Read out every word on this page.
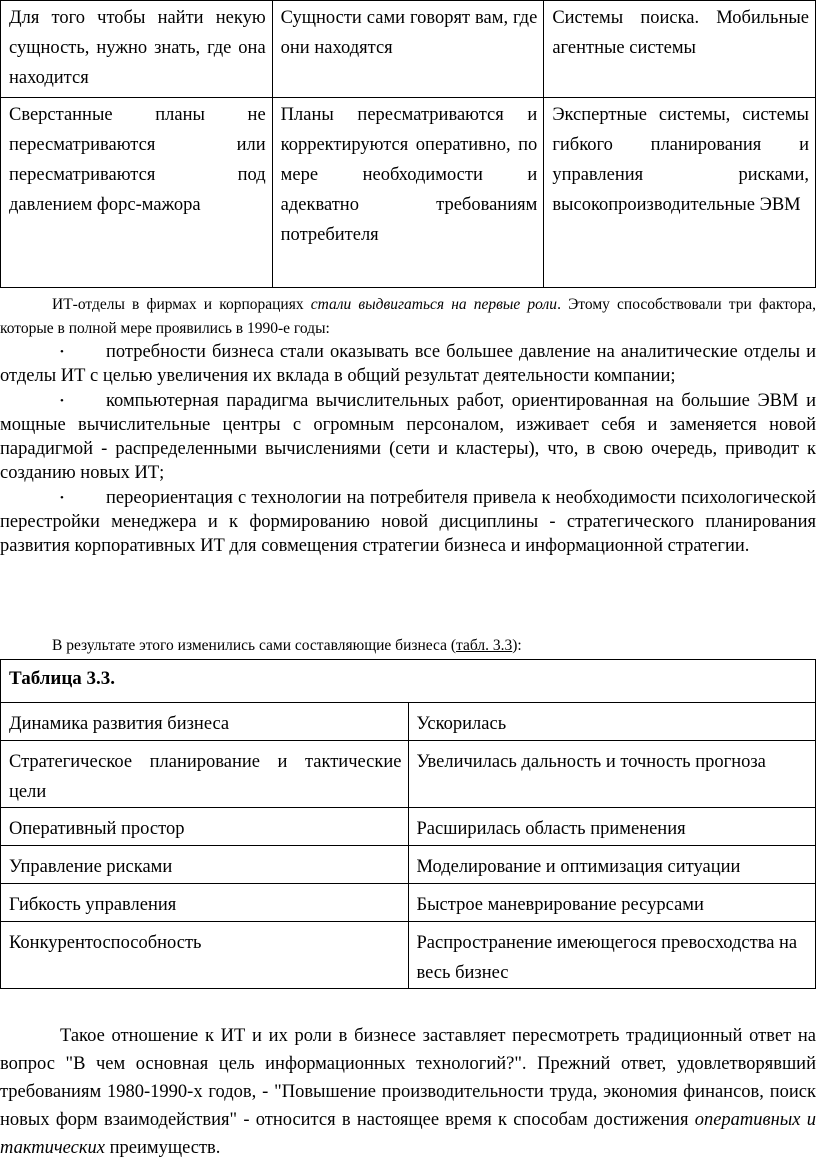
Для того чтобы найти некую сущность, нужно знать, где она находится	Сущности сами говорят вам, где они находятся	Системы поиска. Мобильные агентные системы
Сверстанные планы не пересматриваются или пересматриваются под давлением форс-мажора	Планы пересматриваются и корректируются оперативно, по мере необходимости и адекватно требованиям потребителя	Экспертные системы, системы гибкого планирования и управления рисками, высокопроизводительные ЭВМ

ИТ-отделы в фирмах и корпорациях стали выдвигаться на первые роли. Этому способствовали три фактора, которые в полной мере проявились в 1990-е годы:

• потребности бизнеса стали оказывать все большее давление на аналитические отделы и отделы ИТ с целью увеличения их вклада в общий результат деятельности компании;
• компьютерная парадигма вычислительных работ, ориентированная на большие ЭВМ и мощные вычислительные центры с огромным персоналом, изживает себя и заменяется новой парадигмой - распределенными вычислениями (сети и кластеры), что, в свою очередь, приводит к созданию новых ИТ;
• переориентация с технологии на потребителя привела к необходимости психологической перестройки менеджера и к формированию новой дисциплины - стратегического планирования развития корпоративных ИТ для совмещения стратегии бизнеса и информационной стратегии.

В результате этого изменились сами составляющие бизнеса (табл. 3.3):

Таблица 3.3.	
Динамика развития бизнеса	Ускорилась
Стратегическое планирование и тактические цели	Увеличилась дальность и точность прогноза
Оперативный простор	Расширилась область применения
Управление рисками	Моделирование и оптимизация ситуации
Гибкость управления	Быстрое маневрирование ресурсами
Конкурентоспособность	Распространение имеющегося превосходства на весь бизнес

Такое отношение к ИТ и их роли в бизнесе заставляет пересмотреть традиционный ответ на вопрос "В чем основная цель информационных технологий?". Прежний ответ, удовлетворявший требованиям 1980-1990-х годов, - "Повышение производительности труда, экономия финансов, поиск новых форм взаимодействия" - относится в настоящее время к способам достижения оперативных и тактических преимуществ.
